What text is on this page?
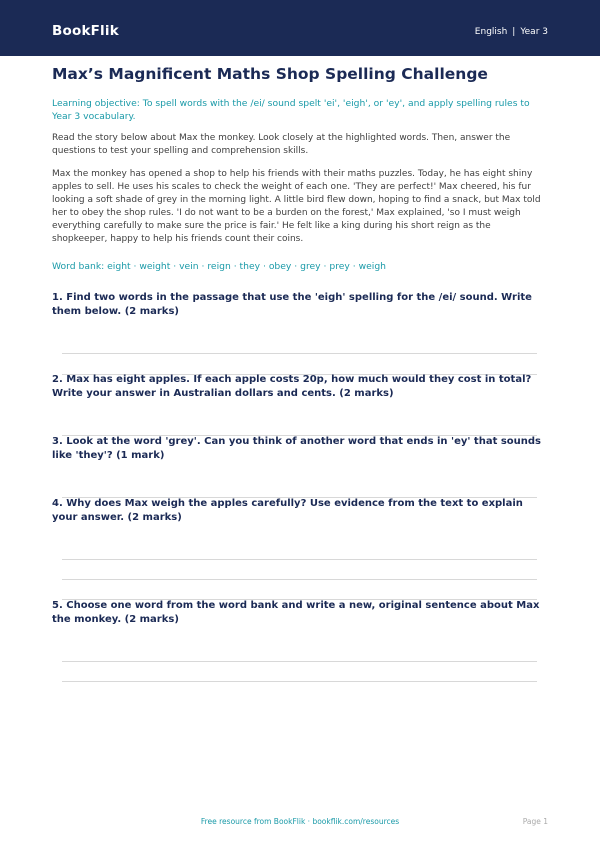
BookFlik	English | Year 3
Max’s Magnificent Maths Shop Spelling Challenge

Learning objective: To spell words with the /ei/ sound spelt 'ei', 'eigh', or 'ey', and apply spelling rules to Year 3 vocabulary.

Read the story below about Max the monkey. Look closely at the highlighted words. Then, answer the questions to test your spelling and comprehension skills.

Max the monkey has opened a shop to help his friends with their maths puzzles. Today, he has eight shiny apples to sell. He uses his scales to check the weight of each one. 'They are perfect!' Max cheered, his fur looking a soft shade of grey in the morning light. A little bird flew down, hoping to find a snack, but Max told her to obey the shop rules. 'I do not want to be a burden on the forest,' Max explained, 'so I must weigh everything carefully to make sure the price is fair.' He felt like a king during his short reign as the shopkeeper, happy to help his friends count their coins.

Word bank: eight · weight · vein · reign · they · obey · grey · prey · weigh

1. Find two words in the passage that use the 'eigh' spelling for the /ei/ sound. Write them below. (2 marks)

2. Max has eight apples. If each apple costs 20p, how much would they cost in total? Write your answer in Australian dollars and cents. (2 marks)

3. Look at the word 'grey'. Can you think of another word that ends in 'ey' that sounds like 'they'? (1 mark)

4. Why does Max weigh the apples carefully? Use evidence from the text to explain your answer. (2 marks)

5. Choose one word from the word bank and write a new, original sentence about Max the monkey. (2 marks)

Free resource from BookFlik · bookflik.com/resources	Page 1
